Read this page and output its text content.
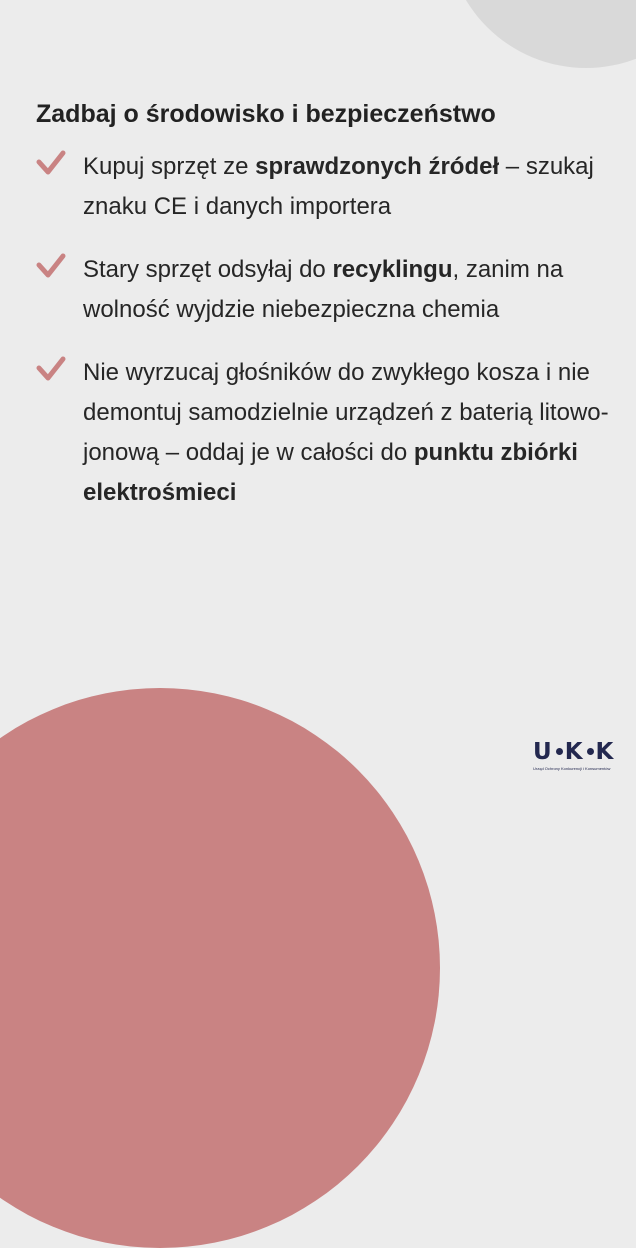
Zadbaj o środowisko i bezpieczeństwo
Kupuj sprzęt ze sprawdzonych źródeł – szukaj znaku CE i danych importera
Stary sprzęt odsyłaj do recyklingu, zanim na wolność wyjdzie niebezpieczna chemia
Nie wyrzucaj głośników do zwykłego kosza i nie demontuj samodzielnie urządzeń z baterią litowo-jonową – oddaj je w całości do punktu zbiórki elektrośmieci
U K K
Urząd Ochrony Konkurencji i Konsumentów
